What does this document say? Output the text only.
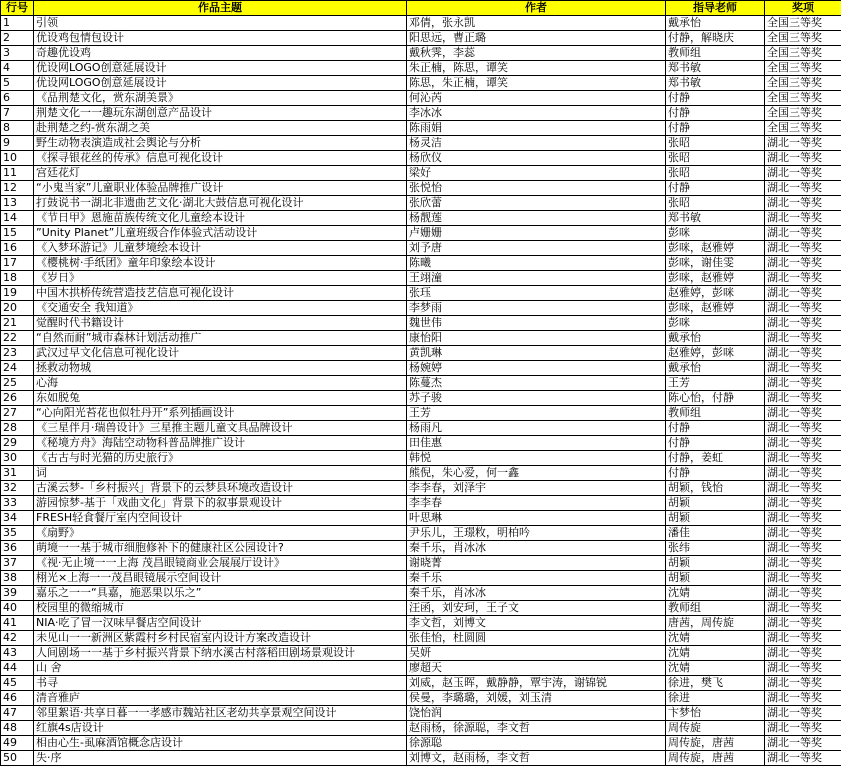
行号	作品主题	作者	指导老师	奖项
1	引领	邓倩，张永凯	戴承怡	全国三等奖
2	优设鸡包情包设计	阳思远，曹正璐	付静，解晓庆	全国三等奖
3	奇趣优设鸡	戴秋霁，李蕊	教师组	全国三等奖
4	优设网LOGO创意延展设计	朱正楠，陈思，谭笑	郑书敏	全国三等奖
5	优设网LOGO创意延展设计	陈思，朱正楠，谭笑	郑书敏	全国三等奖
6	《品荆楚文化，赏东湖美景》	何沁芮	付静	全国三等奖
7	荆楚文化一一趣玩东湖创意产品设计	李冰冰	付静	全国三等奖
8	赴荆楚之约-赏东湖之美	陈雨娟	付静	全国三等奖
9	野生动物表演造成社会舆论与分析	杨灵洁	张昭	湖北一等奖
10	《探寻银花丝的传承》信息可视化设计	杨欣仪	张昭	湖北一等奖
11	宫廷花灯	梁好	张昭	湖北一等奖
12	“小鬼当家”儿童职业体验品牌推广设计	张悦怡	付静	湖北一等奖
13	打鼓说书一湖北非遗曲艺文化·湖北大鼓信息可视化设计	张欣蕾	张昭	湖北一等奖
14	《节日甲》恩施苗族传统文化儿童绘本设计	杨靓莲	郑书敏	湖北一等奖
15	”Unity Planet”儿童班级合作体验式活动设计	卢姗姗	彭咪	湖北一等奖
16	《入梦环游记》儿童梦境绘本设计	刘予唐	彭咪，赵雅婷	湖北一等奖
17	《樱桃树·手纸团》童年印象绘本设计	陈曦	彭咪，谢佳雯	湖北一等奖
18	《岁日》	王翊潼	彭咪，赵雅婷	湖北一等奖
19	中国木拱桥传统营造技艺信息可视化设计	张珏	赵雅婷，彭咪	湖北一等奖
20	《交通安全 我知道》	李梦雨	彭咪，赵雅婷	湖北一等奖
21	觉醒时代书籍设计	魏世伟	彭咪	湖北一等奖
22	“自然而耐”城市森林计划活动推广	康怡阳	戴承怡	湖北一等奖
23	武汉过早文化信息可视化设计	黄凯琳	赵雅婷，彭咪	湖北一等奖
24	拯救动物城	杨婉婷	戴承怡	湖北一等奖
25	心海	陈蔓杰	王芳	湖北一等奖
26	东如脱兔	苏子骏	陈心怡，付静	湖北一等奖
27	“心向阳光苔花也似牡丹开”系列插画设计	王芳	教师组	湖北一等奖
28	《三星伴月·瑞兽设计》三星推主题儿童文具品牌设计	杨雨凡	付静	湖北一等奖
29	《秘境方舟》海陆空动物科普品牌推广设计	田佳惠	付静	湖北一等奖
30	《古古与时光猫的历史旅行》	韩悦	付静，姜虹	湖北一等奖
31	词	熊倪，朱心爱，何一鑫	付静	湖北一等奖
32	古溪云梦-「乡村振兴」背景下的云梦县环境改造设计	李李春，刘泽宇	胡颖，钱怡	湖北一等奖
33	游园惊梦-基于「戏曲文化」背景下的叙事景观设计	李李春	胡颖	湖北一等奖
34	FRESH轻食餐厅室内空间设计	叶思琳	胡颖	湖北一等奖
35	《扇野》	尹乐儿，王璟敉，明柏吟	潘佳	湖北一等奖
36	萌境一一基于城市细胞修补下的健康社区公园设计?	秦千乐，肖冰冰	张纬	湖北一等奖
37	《视·无止境一一上海 茂昌眼镜商业会展展厅设计》	谢晓菁	胡颖	湖北一等奖
38	栩光×上海一一茂昌眼镜展示空间设计	秦千乐	胡颖	湖北一等奖
39	嘉乐之一一“具嘉，施恶果以乐之”	秦千乐，肖冰冰	沈婧	湖北一等奖
40	校园里的微缩城市	汪函，刘安珂，王子文	教师组	湖北一等奖
41	NIA·吃了冒一汉味早餐店空间设计	李文哲，刘博文	唐茜，周传旋	湖北一等奖
42	未见山一一新洲区紫霞村乡村民宿室内设计方案改造设计	张佳怡，杜圆圆	沈婧	湖北一等奖
43	人间剧场一一基于乡村振兴背景下纳水溪古村落稻田剧场景观设计	吴妍	沈婧	湖北一等奖
44	山 舍	廖超天	沈婧	湖北一等奖
45	书寻	刘威，赵玉晖，戴静静，覃宇涛，谢锦锐	徐进，樊飞	湖北一等奖
46	清音雅庐	侯曼，李璐璐，刘媛，刘玉清	徐进	湖北一等奖
47	邻里絮语·共享日暮一一孝感市魏站社区老幼共享景观空间设计	饶怡润	卞梦怡	湖北一等奖
48	红旗4s店设计	赵雨杨，徐源聪，李文哲	周传旋	湖北一等奖
49	相由心生-虱麻酒馆概念店设计	徐源聪	周传旋，唐茜	湖北一等奖
50	失·序	刘博文，赵雨杨，李文哲	周传旋，唐茜	湖北一等奖
